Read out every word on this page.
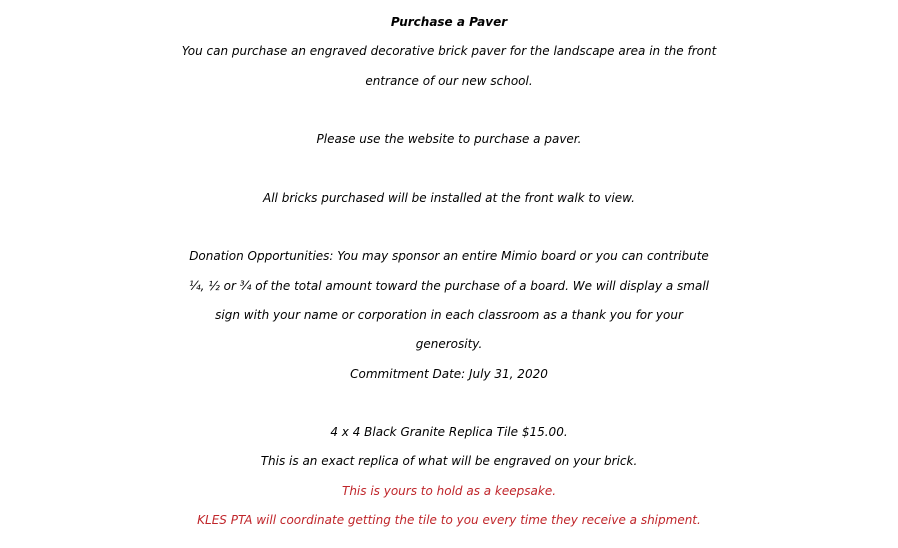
Purchase a Paver
You can purchase an engraved decorative brick paver for the landscape area in the front
entrance of our new school.
Please use the website to purchase a paver.
All bricks purchased will be installed at the front walk to view.
Donation Opportunities: You may sponsor an entire Mimio board or you can contribute
¼, ½ or ¾ of the total amount toward the purchase of a board. We will display a small
sign with your name or corporation in each classroom as a thank you for your
generosity.
Commitment Date: July 31, 2020
4 x 4 Black Granite Replica Tile $15.00.
This is an exact replica of what will be engraved on your brick.
This is yours to hold as a keepsake.
KLES PTA will coordinate getting the tile to you every time they receive a shipment.
